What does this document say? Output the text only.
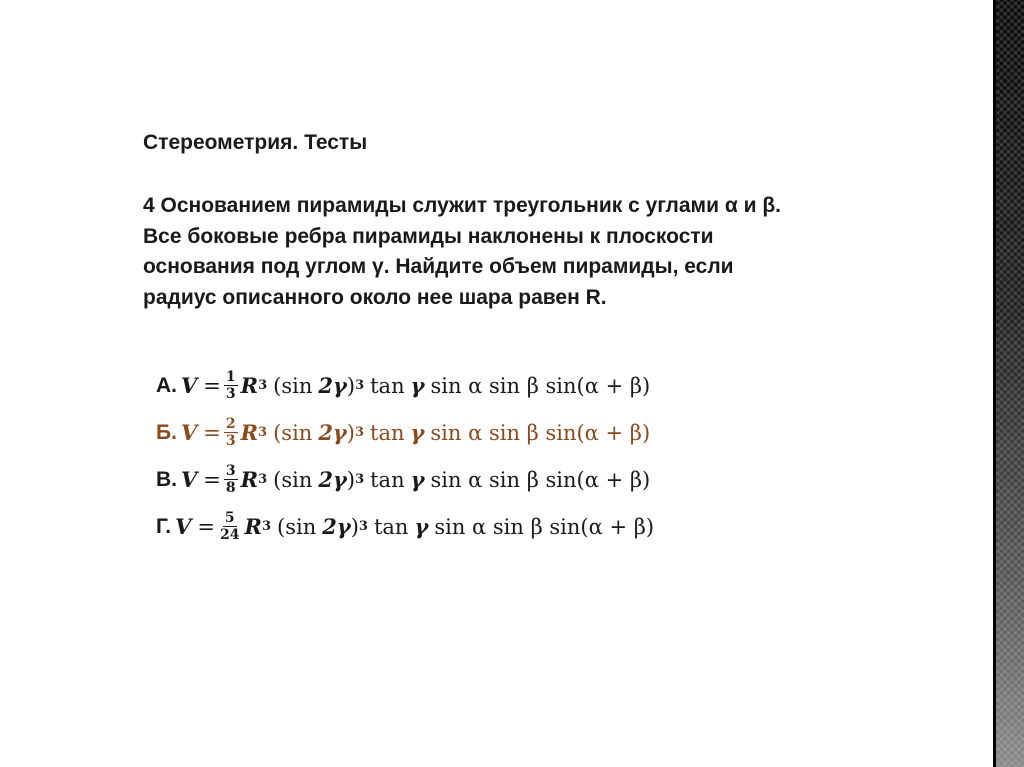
Стереометрия. Тесты
4 Основанием пирамиды служит треугольник с углами α и β.
Все боковые ребра пирамиды наклонены к плоскости
основания под углом γ. Найдите объем пирамиды, если
радиус описанного около нее шара равен R.
А. $V = \frac{1}{3}$ R 3 (sin 2γ ) 3 tan γ sin α sin β sin(α + β)
Б. $V = \frac{2}{3}$ R 3 (sin 2γ ) 3 tan γ sin α sin β sin(α + β)
В. $V = \frac{3}{8}$ R 3 (sin 2γ ) 3 tan γ sin α sin β sin(α + β)
Г. $V = \frac{5}{24}$ R 3 (sin 2γ ) 3 tan γ sin α sin β sin(α + β)
